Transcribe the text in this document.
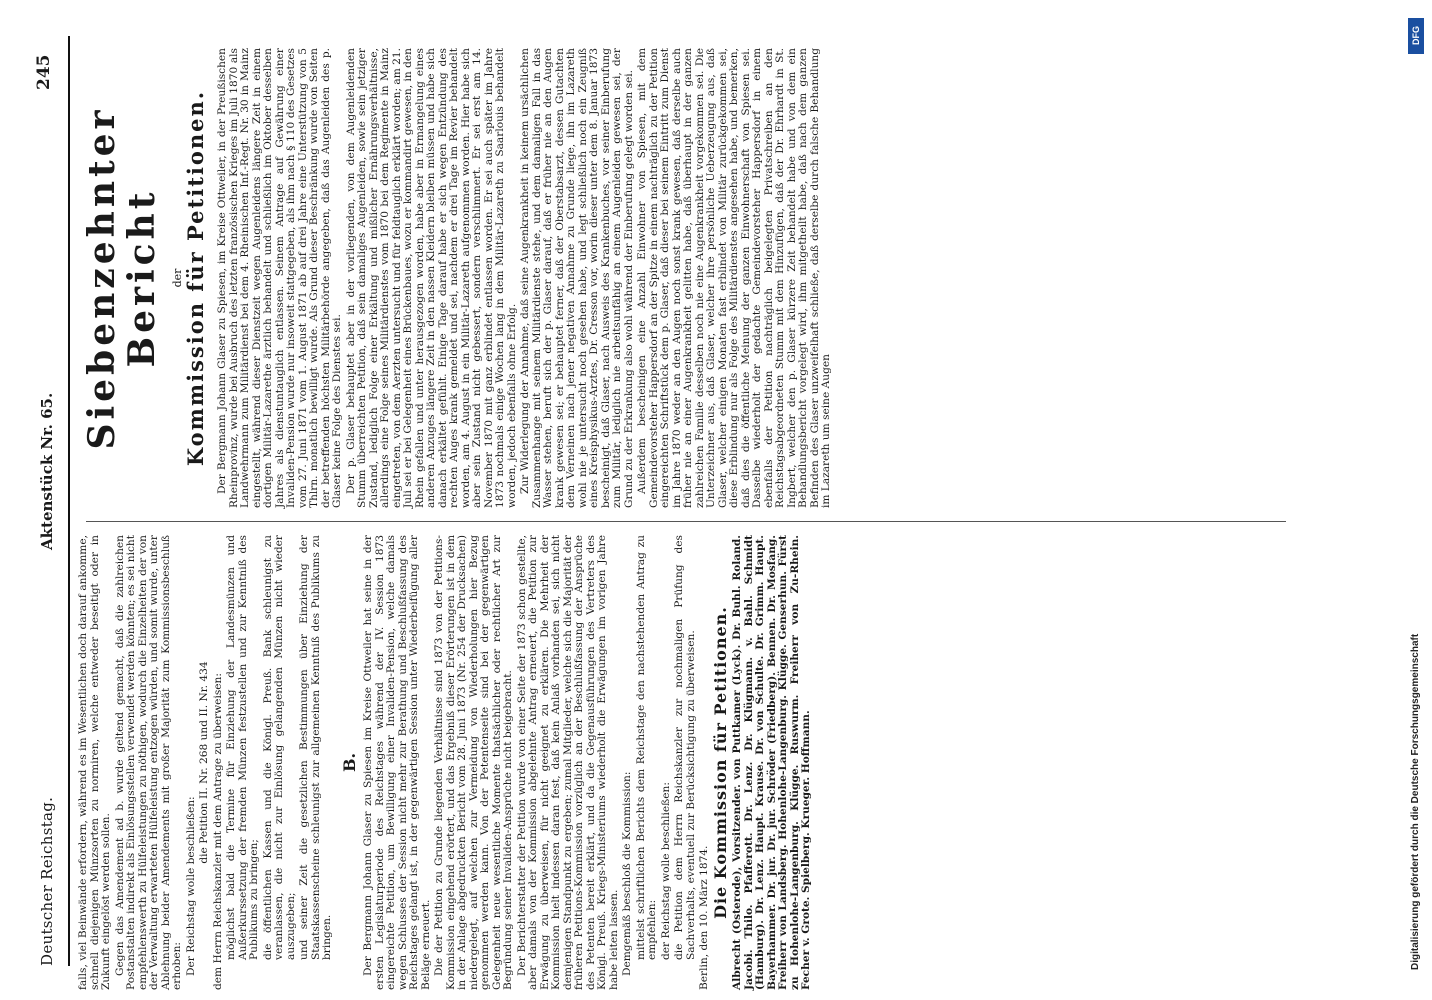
Deutscher Reichstag.
Aktenstück Nr. 65.
245

falls, viel Beinwände erfordern, während es im Wesentlichen doch darauf ankomme, schnell diejenigen Münzsorten zu normiren, welche entweder beseitigt oder in Zukunft eingelöst werden sollen. Gegen das Amendement ad b. wurde geltend gemacht, daß die zahlreichen Postanstalten indirekt als Einlösungsstellen verwendet werden könnten; es sei nicht empfehlenswerth zu Hülfeleistungen zu nöthigen, wodurch die Einzelheiten der von der Verwaltung erwarteten Hülfeleistung entzogen würden, und somit wurde, unter Ablehnung beider Amendements mit großer Majorität zum Kommissionsbeschluß erhoben: Der Reichstag wolle beschließen:

die Petition II. Nr. 268 und II. Nr. 434 dem Herrn Reichskanzler mit dem Antrage zu überweisen: möglichst bald die Termine für Einziehung der Landesmünzen und Außerkurssetzung der fremden Münzen festzustellen und zur Kenntniß des Publikums zu bringen; die öffentlichen Kassen und die Königl. Preuß. Bank schleunigst zu veranlassen, die nicht zur Einlösung gelangenden Münzen nicht wieder auszugeben; und seiner Zeit die gesetzlichen Bestimmungen über Einziehung der Staatskassenscheine schleunigst zur allgemeinen Kenntniß des Publikums zu bringen.

B. Der Bergmann Johann Glaser zu Spiesen im Kreise Ottweiler hat seine in der ersten Legislaturperiode des Reichstages während der IV. Session 1873 eingereichte Petition, um Bewilligung einer Invaliden-Pension, welche damals wegen Schlusses der Session nicht mehr zur Berathung und Beschlußfassung des Reichstages gelangt ist, in der gegenwärtigen Session unter Wiederbeifügung aller Beläge erneuert. Die der Petition zu Grunde liegenden Verhältnisse sind 1873 von der Petitions-Kommission eingehend erörtert, und das Ergebniß dieser Erörterungen ist in dem in der Anlage abgedruckten Bericht vom 28. Juni 1873 (Nr. 254 der Drucksachen) niedergelegt, auf welchen zur Vermeidung von Wiederholungen hier Bezug genommen werden kann. Von der Petentenseite sind bei der gegenwärtigen Gelegenheit neue wesentliche Momente thatsächlicher oder rechtlicher Art zur Begründung seiner Invaliden-Ansprüche nicht beigebracht. Der Berichterstatter der Petition wurde von einer Seite der 1873 schon gestellte, aber damals von der Kommission abgelehnte Antrag erneuert, die Petition zur Erwägung zu überweisen, für nicht geeignet zu erklären. Die Mehrheit der Kommission hielt indessen daran fest, daß kein Anlaß vorhanden sei, sich nicht demjenigen Standpunkt zu ergeben; zumal Mitglieder, welche sich die Majorität der früheren Petitions-Kommission vorzüglich an der Beschlußfassung der Ansprüche des Petenten bereit erklärt, und da die Gegenausführungen des Vertreters des Königl. Preuß. Kriegs-Ministeriums wiederholt die Erwägungen im vorigen Jahre habe leiten lassen. Demgemäß beschloß die Kommission: mittelst schriftlichen Berichts dem Reichstage den nachstehenden Antrag zu empfehlen: der Reichstag wolle beschließen: die Petition dem Herrn Reichskanzler zur nochmaligen Prüfung des Sachverhalts, eventuell zur Berücksichtigung zu überweisen. Berlin, den 10. März 1874. Die Kommission für Petitionen. Albrecht (Osterode), Vorsitzender. von Puttkamer (Lyck). Dr. Buhl. Roland. Jacobi. Thilo. Pfafferott. Dr. Lenz. Dr. Klügmann. v. Bahl. Schmidt (Hamburg). Dr. Lenz. Haupt. Krause. Dr. von Schulte. Dr. Grimm. Haupt. Bayerhammer. Dr. jur. Dr. jur. Schröder (Friedberg). Bennen. Dr. Mosfang. Freiherr von Landsberg. Hohenlohe-Langenburg. Klügge. Genserhun. Fürst zu Hohenlohe-Langenburg. Klügge. Ruswurm. Freiherr von Zu-Rhein. Fecher v. Grote. Spielberg. Krueger. Hoffmann.

Siebenzehnter Bericht der

Kommission für Petitionen. Der Bergmann Johann Glaser zu Spiesen, im Kreise Ottweiler, in der Preußischen Rheinprovinz, wurde bei Ausbruch des letzten französischen Krieges im Juli 1870 als Landwehrmann zum Militärdienst bei dem 4. Rheinischen Inf.-Regt. Nr. 30 in Mainz eingestellt, während dieser Dienstzeit wegen Augenleidens längere Zeit in einem dortigen Militär-Lazarethe ärztlich behandelt und schließlich im Oktober desselben Jahres als dienstuntauglich entlassen. Seinem Antrage auf Gewährung einer Invaliden-Pension wurde nur insoweit stattgegeben, als ihm nach § 110 des Gesetzes vom 27. Juni 1871 vom 1. August 1871 ab auf drei Jahre eine Unterstützung von 5 Thlrn. monatlich bewilligt wurde. Als Grund dieser Beschränkung wurde von Seiten der betreffenden höchsten Militärbehörde angegeben, daß das Augenleiden des p. Glaser keine Folge des Dienstes sei. Der p. Glaser behauptet aber in der vorliegenden, von dem Augenleidenden Stumm überreichten Petition, daß sein damaliges Augenleiden, sowie sein jetziger Zustand, lediglich Folge einer Erkältung und mißlicher Ernährungsverhältnisse, allerdings eine Folge seines Militärdienstes vom 1870 bei dem Regimente in Mainz eingetreten, von dem Aerzten untersucht und für feldtauglich erklärt worden; am 21. Juli sei er bei Gelegenheit eines Brückenbaues, wozu er kommandirt gewesen, in den Rhein gefallen und unter herausgezogen worden, habe aber in Ermangelung eines anderen Anzuges längere Zeit in den nassen Kleidern bleiben müssen und habe sich danach erkältet gefühlt. Einige Tage darauf habe er sich wegen Entzündung des rechten Auges krank gemeldet und sei, nachdem er drei Tage im Revier behandelt worden, am 4. August in ein Militär-Lazareth aufgenommen worden. Hier habe sich aber sein Zustand nicht gebessert, sondern verschlimmert. Er sei erst am 14. November 1870 mit ganz erblindet entlassen worden. Er sei auch später im Jahre 1873 nochmals einige Wochen lang in dem Militär-Lazareth zu Saarlouis behandelt worden, jedoch ebenfalls ohne Erfolg. Zur Widerlegung der Annahme, daß seine Augenkrankheit in keinem ursächlichen Zusammenhange mit seinem Militärdienste stehe, und dem damaligen Fall in das Wasser stehen, beruft sich der p. Glaser darauf, daß er früher nie an den Augen krank gewesen sei; er behauptet ferner, daß der Oberstabsarzt, dessen Gutachten dem Verneinen nach jener negativen Annahme zu Grunde liege, ihn im Lazareth wohl nie je untersucht noch gesehen habe, und legt schließlich noch ein Zeugniß eines Kreisphysikus-Arztes, Dr. Cresson vor, worin dieser unter dem 8. Januar 1873 bescheinigt, daß Glaser, nach Ausweis des Krankenbuches, vor seiner Einberufung zum Militär, lediglich nie arbeitsunfähig an einem Augenleiden gewesen sei, der Grund zu der Erkrankung also wohl während der Einberufung gelegt worden sei. Außerdem bescheinigen eine Anzahl Einwohner von Spiesen, mit dem Gemeindevorsteher Happersdorf an der Spitze in einem nachträglich zu der Petition eingereichten Schriftstück dem p. Glaser, daß dieser bei seinem Eintritt zum Dienst im Jahre 1870 weder an den Augen noch sonst krank gewesen, daß derselbe auch früher nie an einer Augenkrankheit gelitten habe, daß überhaupt in der ganzen zahlreichen Familie desselben noch nie eine Augenkrankheit vorgekommen sei. Die Unterzeichner aus, daß Glaser, welcher ihre persönliche Ueberzeugung aus, daß Glaser, welcher einigen Monaten fast erblindet von Militär zurückgekommen sei, diese Erblindung nur als Folge des Militärdienstes angesehen habe, und bemerken, daß dies die öffentliche Meinung der ganzen Einwohnerschaft von Spiesen sei. Dasselbe wiederholt der gedachte Gemeindevorsteher Happersdorf in einem ebenfalls der Petition nachträglich beigelegten Privatschreiben an den Reichstagsabgeordneten Stumm mit dem Hinzufügen, daß der Dr. Ehrhardt in St. Ingbert, welcher den p. Glaser kürzere Zeit behandelt habe und von dem ein Behandlungsbericht vorgelegt wird, ihm mitgetheilt habe, daß nach dem ganzen Befinden des Glaser unzweifelhaft schließe, daß derselbe durch falsche Behandlung im Lazareth um seine Augen

Digitalisierung gefördert durch die Deutsche Forschungsgemeinschaft
DFG
